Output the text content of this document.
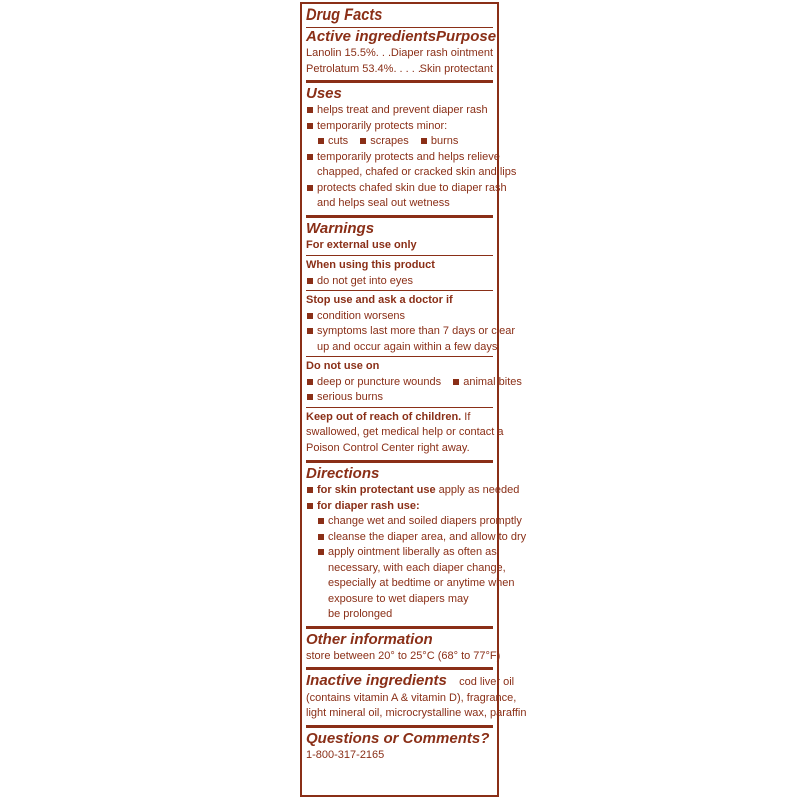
Drug Facts
Active ingredients Purpose
Lanolin 15.5% . . . Diaper rash ointment
Petrolatum 53.4% . . . Skin protectant
Uses
helps treat and prevent diaper rash
temporarily protects minor:
cuts scrapes burns
temporarily protects and helps relieve
chapped, chafed or cracked skin and lips
protects chafed skin due to diaper rash
and helps seal out wetness
Warnings
For external use only
When using this product
do not get into eyes
Stop use and ask a doctor if
condition worsens
symptoms last more than 7 days or clear
up and occur again within a few days
Do not use on
deep or puncture wounds animal bites
serious burns
Keep out of reach of children. If
swallowed, get medical help or contact a
Poison Control Center right away.
Directions
for skin protectant use apply as needed
for diaper rash use:
change wet and soiled diapers promptly
cleanse the diaper area, and allow to dry
apply ointment liberally as often as
necessary, with each diaper change,
especially at bedtime or anytime when
exposure to wet diapers may
be prolonged
Other information
store between 20° to 25°C (68° to 77°F)
Inactive ingredients cod liver oil
(contains vitamin A & vitamin D), fragrance,
light mineral oil, microcrystalline wax, paraffin
Questions or Comments?
1-800-317-2165
